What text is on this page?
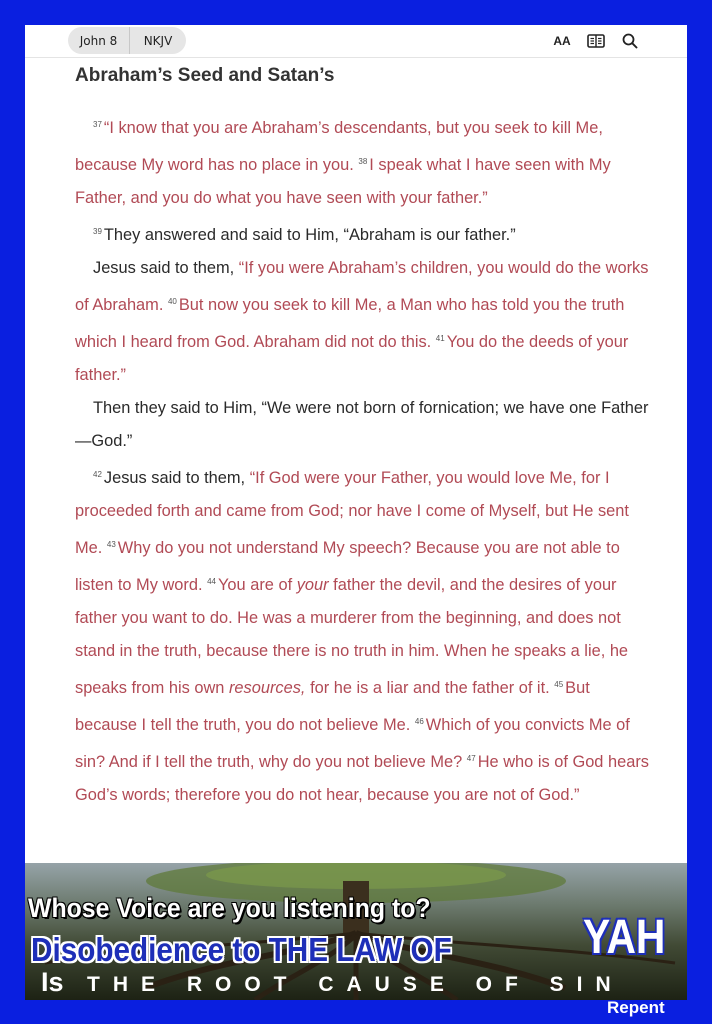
John 8	NKJV	AA
Abraham’s Seed and Satan’s

$^{37}$ “I know that you are Abraham’s descendants, but you seek to kill Me, because My word has no place in you. $^{38}$ I speak what I have seen with My Father, and you do what you have seen with your father.”

$^{39}$ They answered and said to Him, “Abraham is our father.”

Jesus said to them, “If you were Abraham’s children, you would do the works of Abraham. $^{40}$ But now you seek to kill Me, a Man who has told you the truth which I heard from God. Abraham did not do this. $^{41}$ You do the deeds of your father.”

Then they said to Him, “We were not born of fornication; we have one Father—God.”

$^{42}$ Jesus said to them, “If God were your Father, you would love Me, for I proceeded forth and came from God; nor have I come of Myself, but He sent Me. $^{43}$ Why do you not understand My speech? Because you are not able to listen to My word. $^{44}$ You are of your father the devil, and the desires of your father you want to do. He was a murderer from the beginning, and does not stand in the truth, because there is no truth in him. When he speaks a lie, he speaks from his own resources, for he is a liar and the father of it. $^{45}$ But because I tell the truth, you do not believe Me. $^{46}$ Which of you convicts Me of sin? And if I tell the truth, why do you not believe Me? $^{47}$ He who is of God hears God’s words; therefore you do not hear, because you are not of God.”

Whose Voice are you listening to?
Disobedience to THE LAW OF	YAH
Is THE ROOT CAUSE OF SIN
Repent
